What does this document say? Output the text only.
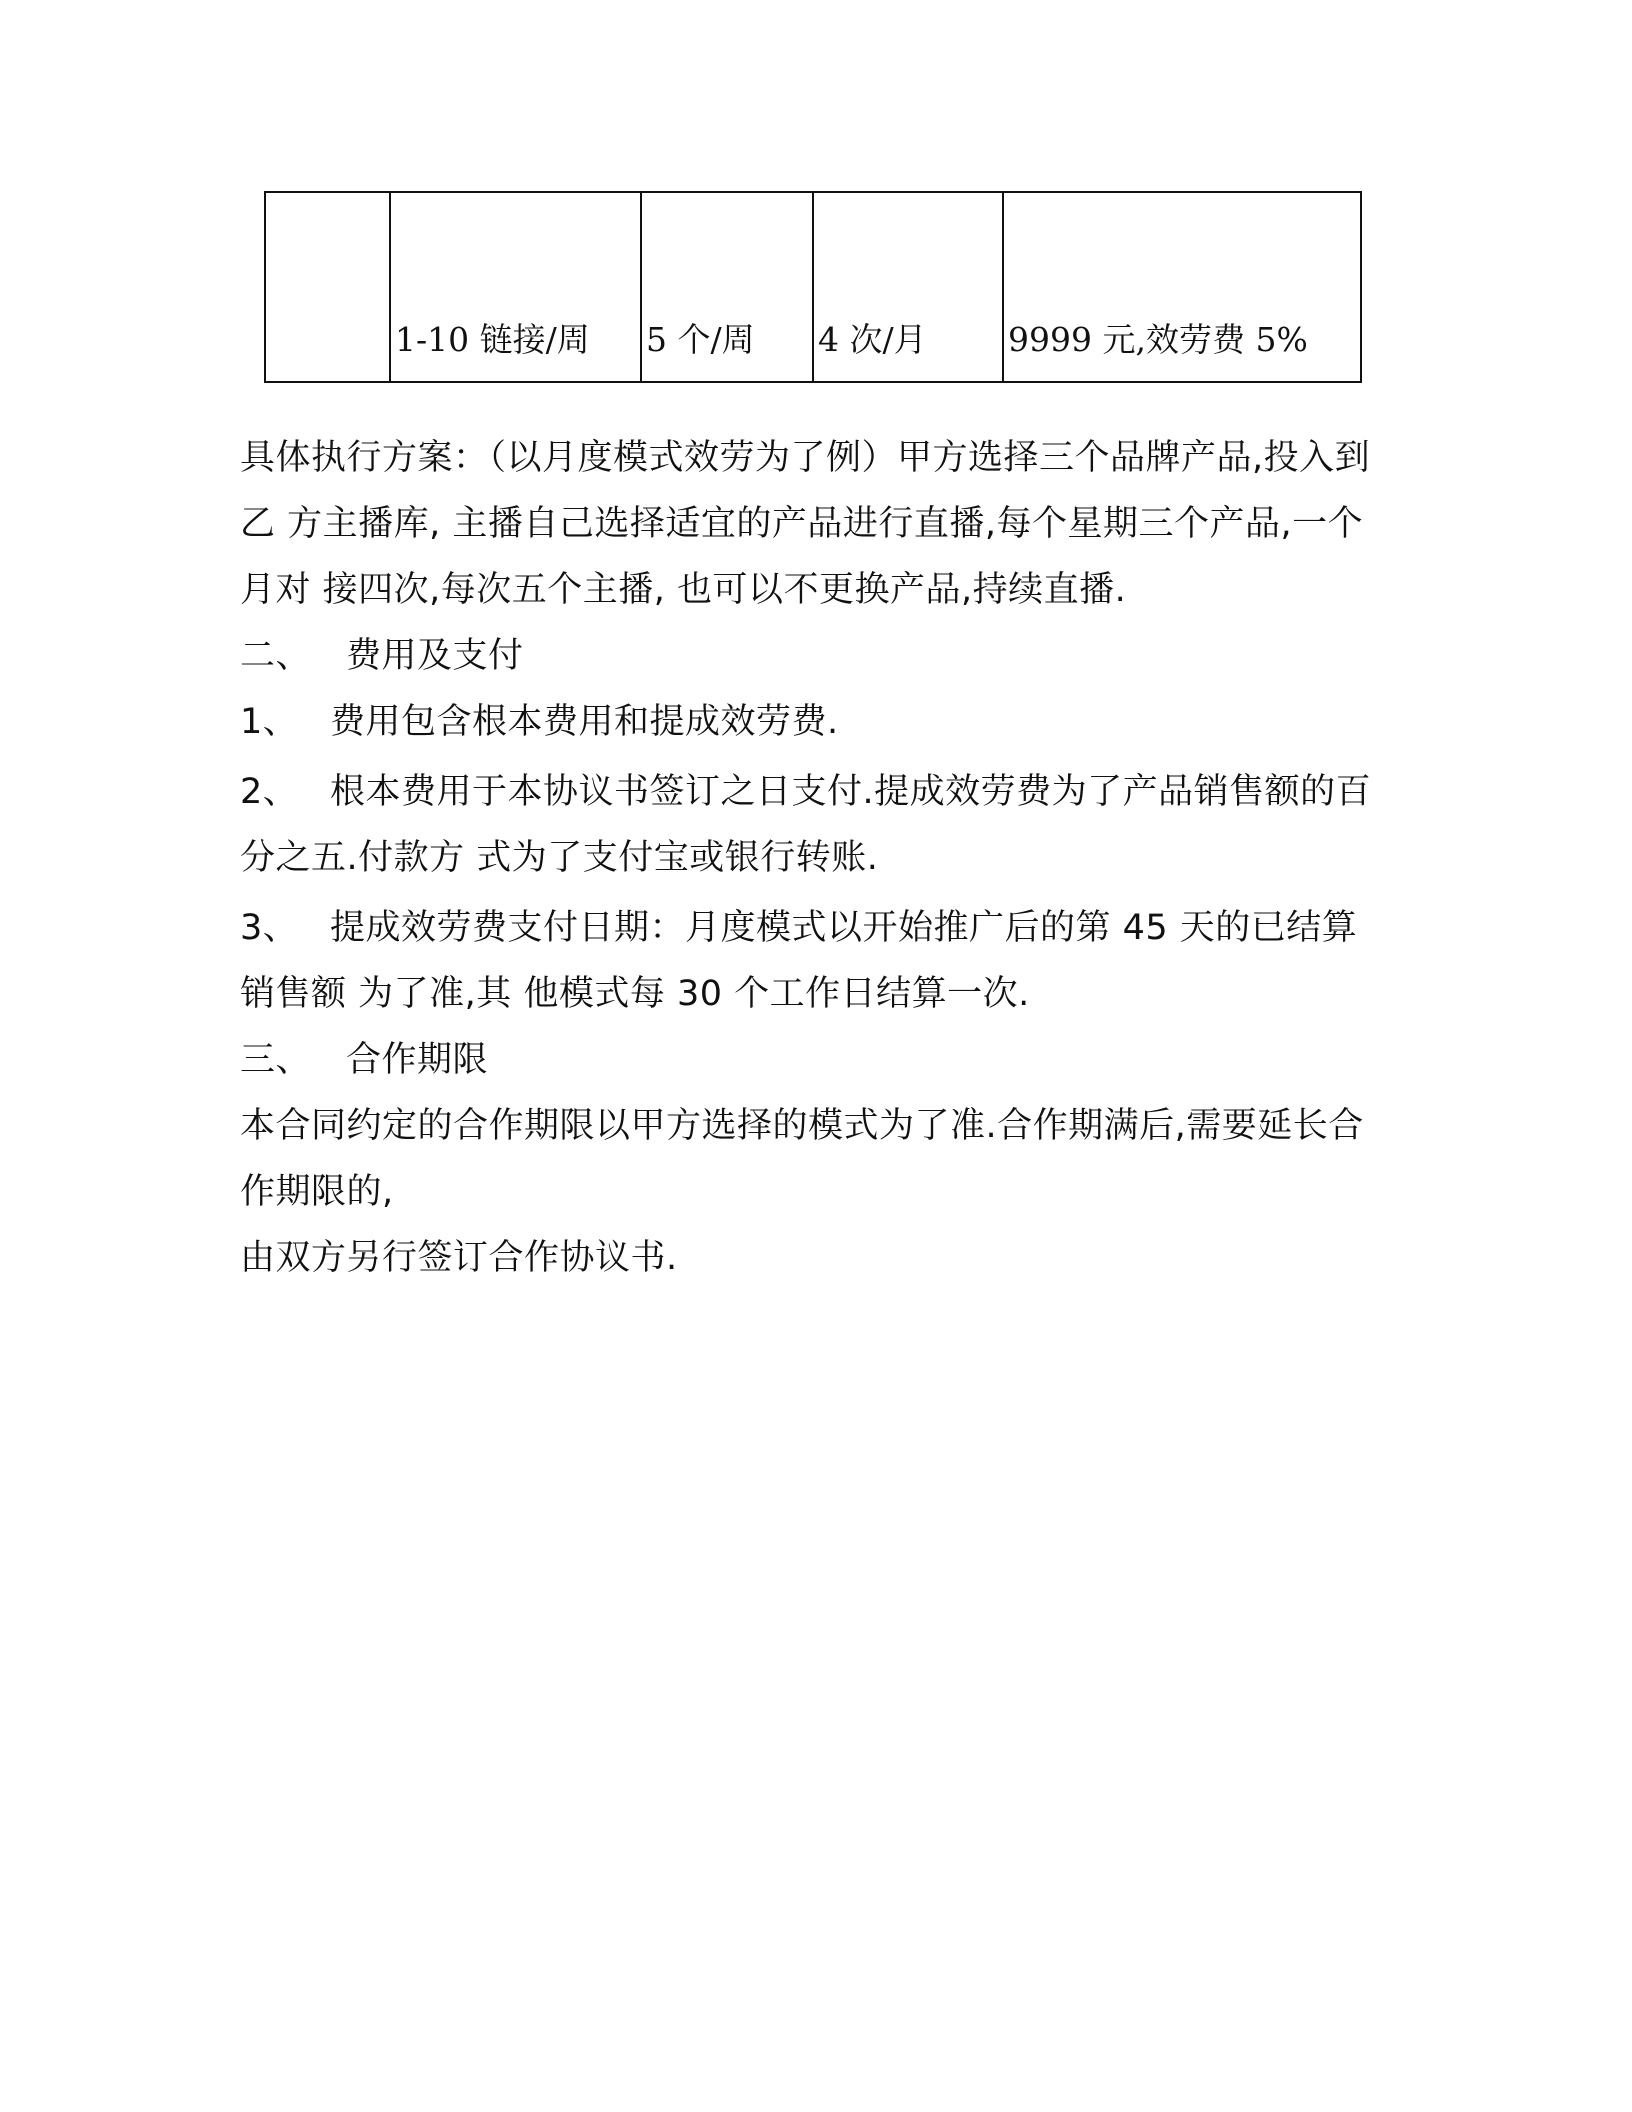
	1-10 链接/周	5 个/周	4 次/月	9999 元,效劳费 5%

具体执行方案：（以月度模式效劳为了例）甲方选择三个品牌产品,投入到乙 方主播库, 主播自己选择适宜的产品进行直播,每个星期三个产品,一个月对 接四次,每次五个主播, 也可以不更换产品,持续直播.

二、 费用及支付

1、 费用包含根本费用和提成效劳费.

2、 根本费用于本协议书签订之日支付.提成效劳费为了产品销售额的百分之五.付款方 式为了支付宝或银行转账.

3、 提成效劳费支付日期：月度模式以开始推广后的第 45 天的已结算销售额 为了准,其 他模式每 30 个工作日结算一次.

三、 合作期限

本合同约定的合作期限以甲方选择的模式为了准.合作期满后,需要延长合　作期限的,

由双方另行签订合作协议书.
